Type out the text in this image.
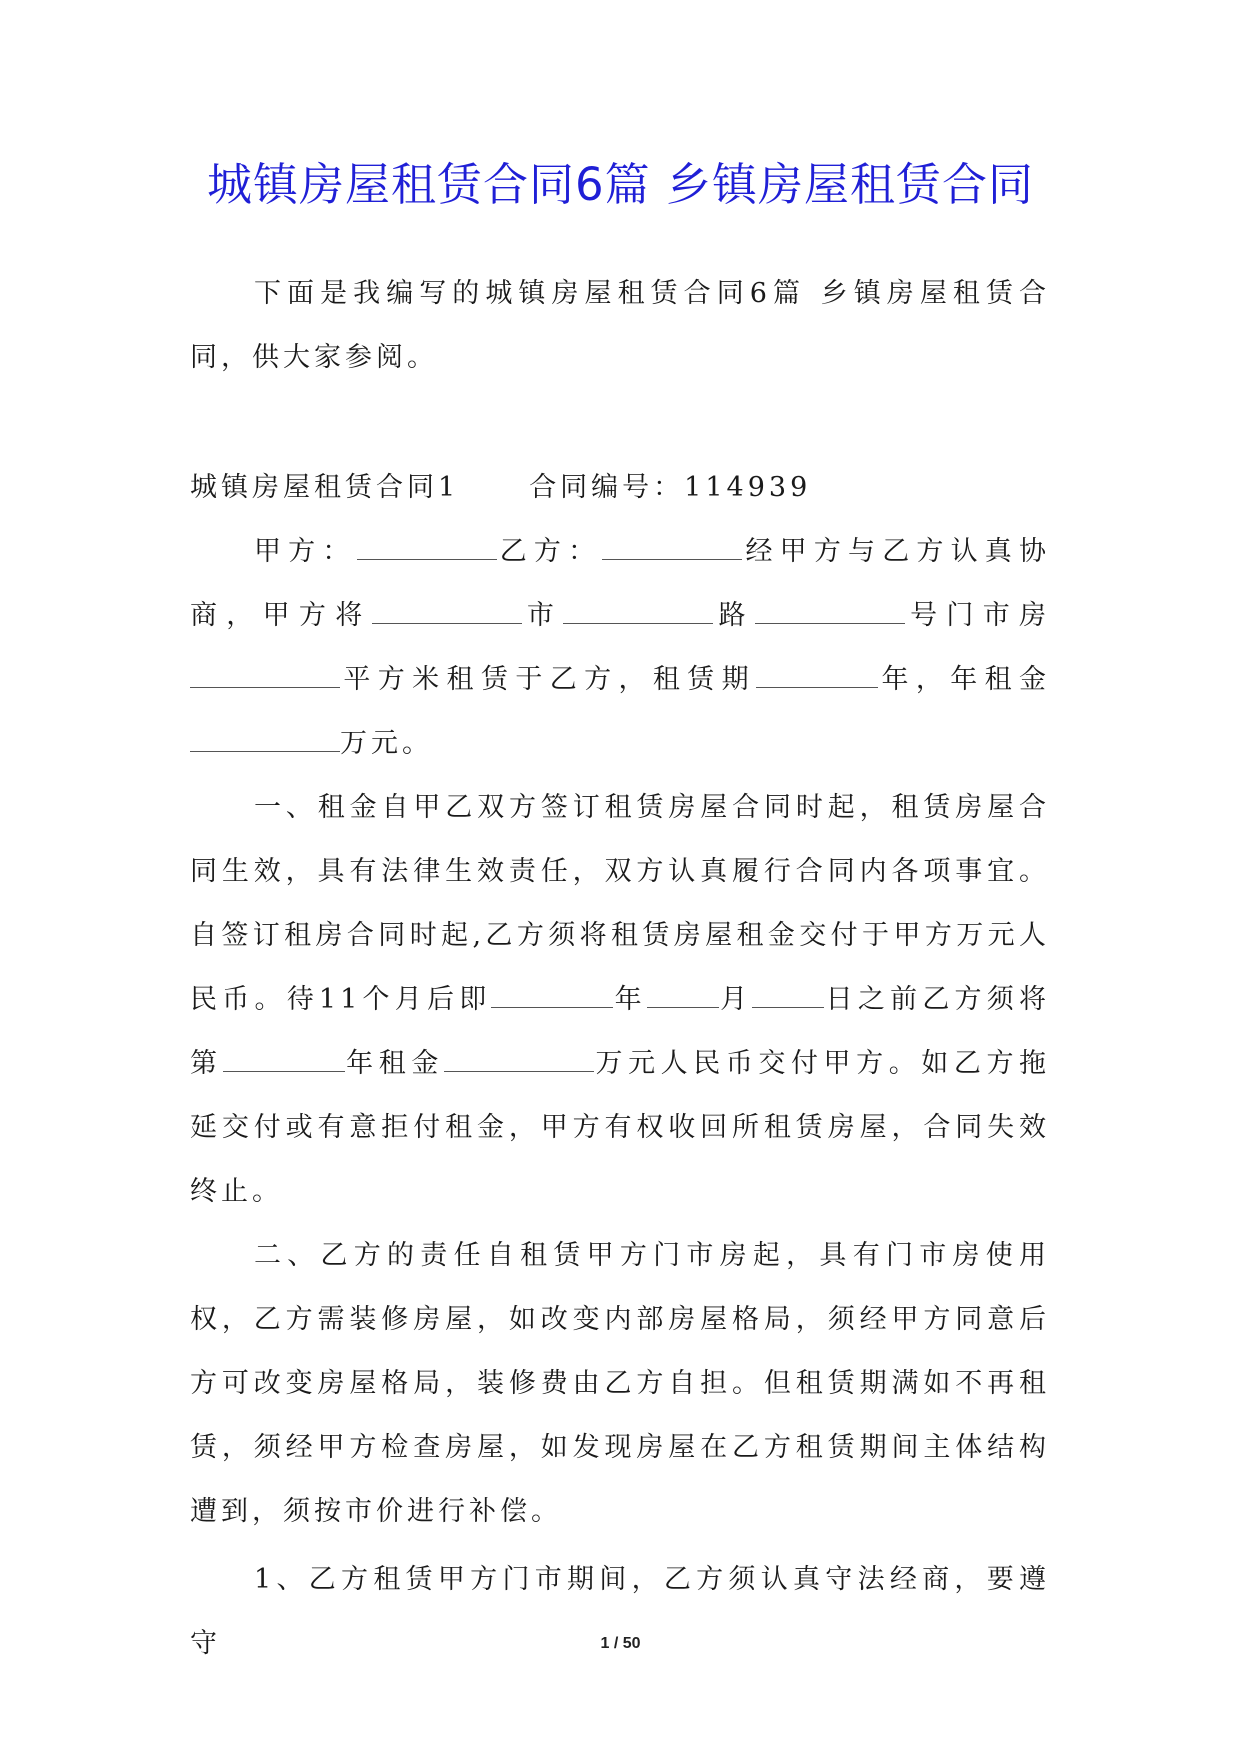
城镇房屋租赁合同6篇 乡镇房屋租赁合同

下面是我编写的城镇房屋租赁合同6篇 乡镇房屋租赁合同，供大家参阅。

城镇房屋租赁合同1	合同编号：114939

甲方：	乙方：	经甲方与乙方认真协商，甲方将	市	路	号门市房平方米租赁于乙方，租赁期	年，年租金万元。

一、租金自甲乙双方签订租赁房屋合同时起，租赁房屋合同生效，具有法律生效责任，双方认真履行合同内各项事宜。自签订租房合同时起,乙方须将租赁房屋租金交付于甲方万元人民币。待11个月后即	年	月	日之前乙方须将第	年租金	万元人民币交付甲方。如乙方拖延交付或有意拒付租金，甲方有权收回所租赁房屋，合同失效终止。

二、乙方的责任自租赁甲方门市房起，具有门市房使用权，乙方需装修房屋，如改变内部房屋格局，须经甲方同意后方可改变房屋格局，装修费由乙方自担。但租赁期满如不再租赁，须经甲方检查房屋，如发现房屋在乙方租赁期间主体结构遭到，须按市价进行补偿。

1、乙方租赁甲方门市期间，乙方须认真守法经商，要遵守	1 / 50
